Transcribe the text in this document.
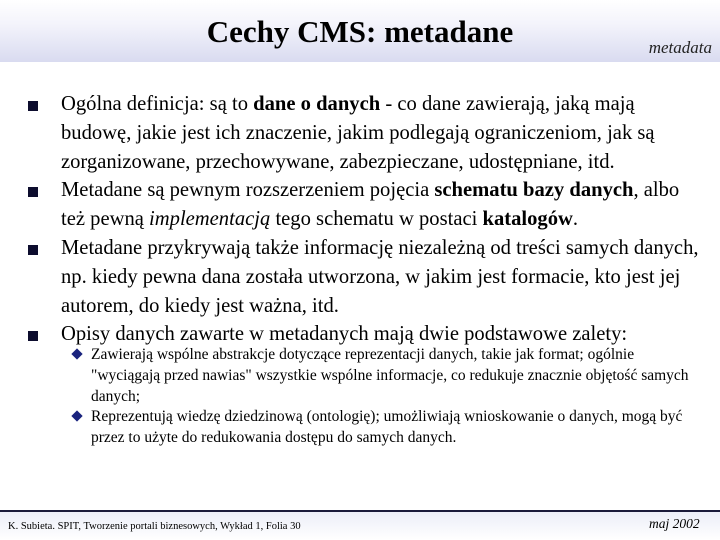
Cechy CMS: metadane	metadata
Ogólna definicja: są to dane o danych - co dane zawierają, jaką mają budowę, jakie jest ich znaczenie, jakim podlegają ograniczeniom, jak są zorganizowane, przechowywane, zabezpieczane, udostępniane, itd.
Metadane są pewnym rozszerzeniem pojęcia schematu bazy danych, albo też pewną implementacją tego schematu w postaci katalogów.
Metadane przykrywają także informację niezależną od treści samych danych, np. kiedy pewna dana została utworzona, w jakim jest formacie, kto jest jej autorem, do kiedy jest ważna, itd.
Opisy danych zawarte w metadanych mają dwie podstawowe zalety:
Zawierają wspólne abstrakcje dotyczące reprezentacji danych, takie jak format; ogólnie "wyciągają przed nawias" wszystkie wspólne informacje, co redukuje znacznie objętość samych danych;
Reprezentują wiedzę dziedzinową (ontologię); umożliwiają wnioskowanie o danych, mogą być przez to użyte do redukowania dostępu do samych danych.
K. Subieta. SPIT, Tworzenie portali biznesowych, Wykład 1, Folia 30	maj 2002
